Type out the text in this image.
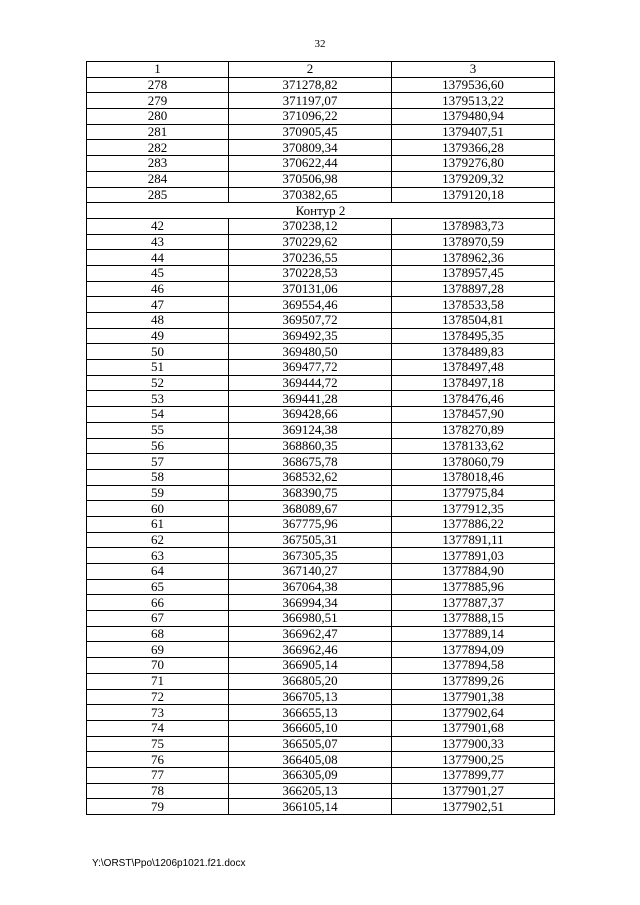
32
1	2	3
278	371278,82	1379536,60
279	371197,07	1379513,22
280	371096,22	1379480,94
281	370905,45	1379407,51
282	370809,34	1379366,28
283	370622,44	1379276,80
284	370506,98	1379209,32
285	370382,65	1379120,18
Контур 2		
42	370238,12	1378983,73
43	370229,62	1378970,59
44	370236,55	1378962,36
45	370228,53	1378957,45
46	370131,06	1378897,28
47	369554,46	1378533,58
48	369507,72	1378504,81
49	369492,35	1378495,35
50	369480,50	1378489,83
51	369477,72	1378497,48
52	369444,72	1378497,18
53	369441,28	1378476,46
54	369428,66	1378457,90
55	369124,38	1378270,89
56	368860,35	1378133,62
57	368675,78	1378060,79
58	368532,62	1378018,46
59	368390,75	1377975,84
60	368089,67	1377912,35
61	367775,96	1377886,22
62	367505,31	1377891,11
63	367305,35	1377891,03
64	367140,27	1377884,90
65	367064,38	1377885,96
66	366994,34	1377887,37
67	366980,51	1377888,15
68	366962,47	1377889,14
69	366962,46	1377894,09
70	366905,14	1377894,58
71	366805,20	1377899,26
72	366705,13	1377901,38
73	366655,13	1377902,64
74	366605,10	1377901,68
75	366505,07	1377900,33
76	366405,08	1377900,25
77	366305,09	1377899,77
78	366205,13	1377901,27
79	366105,14	1377902,51
Y:\ORST\Ppo\1206p1021.f21.docx
